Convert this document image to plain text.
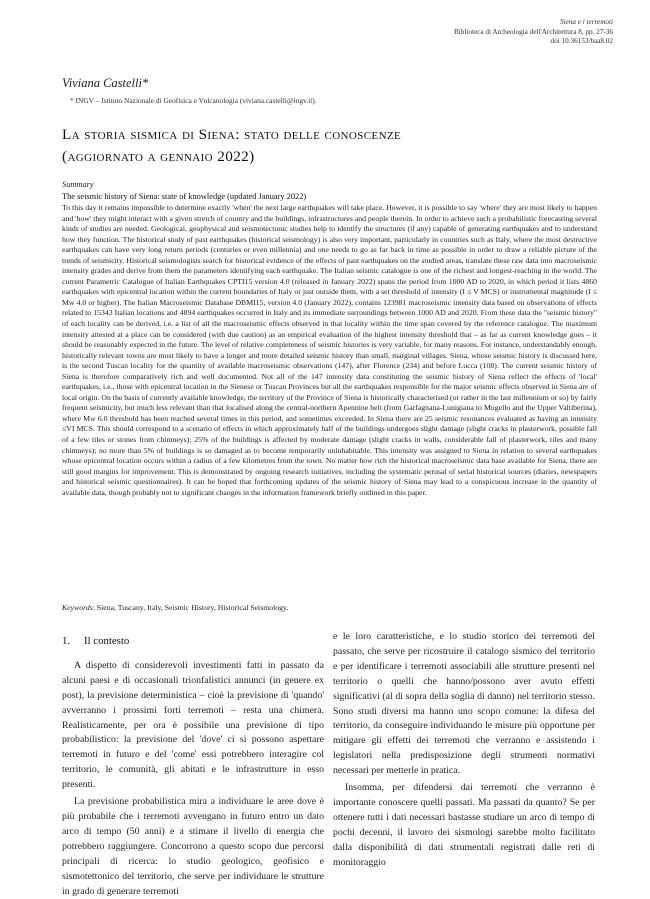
Siena e i terremoti
Biblioteca di Archeologia dell'Architettura 8, pp. 27-36
doi 10.36153/baa8.02
Viviana Castelli*
* INGV – Istituto Nazionale di Geofisica e Vulcanologia (viviana.castelli@ingv.it).
La storia sismica di Siena: stato delle conoscenze
(aggiornato a gennaio 2022)
Summary
The seismic history of Siena: state of knowledge (updated January 2022)

To this day it remains impossible to determine exactly 'when' the next large earthquakes will take place. However, it is possible to say 'where' they are most likely to happen and 'how' they might interact with a given stretch of country and the buildings, infrastructures and people therein. In order to achieve such a probabilistic forecasting several kinds of studies are needed. Geological, geophysical and seismotectonic studies help to identify the structures (if any) capable of generating earthquakes and to understand how they function. The historical study of past earthquakes (historical seismology) is also very important, particularly in countries such as Italy, where the most destructive earthquakes can have very long return periods (centuries or even millennia) and one needs to go as far back in time as possible in order to draw a reliable picture of the trends of seismicity. Historical seismologists search for historical evidence of the effects of past earthquakes on the studied areas, translate these raw data into macroseismic intensity grades and derive from them the parameters identifying each earthquake. The Italian seismic catalogue is one of the richest and longest-reaching in the world. The current Parametric Catalogue of Italian Earthquakes CPTI15 version 4.0 (released in January 2022) spans the period from 1000 AD to 2020, in which period it lists 4860 earthquakes with epicentral location within the current boundaries of Italy or just outside them, with a set threshold of intensity (I ≤ V MCS) or instrumental magnitude (I ≤ Mw 4.0 or higher). The Italian Macroseismic Database DBMI15, version 4.0 (January 2022), contains 123981 macroseismic intensity data based on observations of effects related to 15343 Italian locations and 4894 earthquakes occurred in Italy and its immediate surroundings between 1000 AD and 2020. From these data the "seismic history" of each locality can be derived, i.e. a list of all the macroseismic effects observed in that locality within the time span covered by the reference catalogue. The maximum intensity attested at a place can be considered (with due caution) as an empirical evaluation of the highest intensity threshold that – as far as current knowledge goes – it should be reasonably expected in the future. The level of relative completeness of seismic histories is very variable, for many reasons. For instance, understandably enough, historically relevant towns are most likely to have a longer and more detailed seismic history than small, marginal villages. Siena, whose seismic history is discussed here, is the second Tuscan locality for the quantity of available macroseismic observations (147), after Florence (234) and before Lucca (108). The current seismic history of Siena is therefore comparatively rich and well documented. Not all of the 147 intensity data constituting the seismic history of Siena reflect the effects of 'local' earthquakes, i.e., those with epicentral location in the Sienese or Tuscan Provinces but all the earthquakes responsible for the major seismic effects observed in Siena are of local origin. On the basis of currently available knowledge, the territory of the Province of Siena is historically characterised (or rather in the last millennium or so) by fairly frequent seismicity, but much less relevant than that localised along the central-northern Apennine belt (from Garfagnana-Lunigiana to Mugello and the Upper Valtiberina), where Mw 6.0 threshold has been reached several times in this period, and sometimes exceeded. In Siena there are 25 seismic resonances evaluated as having an intensity ≤VI MCS. This should correspond to a scenario of effects in which approximately half of the buildings undergoes slight damage (slight cracks in plasterwork, possible fall of a few tiles or stones from chimneys); 25% of the buildings is affected by moderate damage (slight cracks in walls, considerable fall of plasterwork, tiles and many chimneys); no more than 5% of buildings is so damaged as to become temporarily uninhabitable. This intensity was assigned to Siena in relation to several earthquakes whose epicentral location occurs within a radius of a few kilometres from the town. No matter how rich the historical macroseismic data base available for Siena, there are still good margins for improvement. This is demonstrated by ongoing research initiatives, including the systematic perusal of serial historical sources (diaries, newspapers and historical seismic questionnaires). It can be hoped that forthcoming updates of the seismic history of Siena may lead to a conspicuous increase in the quantity of available data, though probably not to significant changes in the information framework briefly outlined in this paper.

Keywords: Siena, Tuscany, Italy, Seismic History, Historical Seismology.
1. Il contesto

A dispetto di considerevoli investimenti fatti in passato da alcuni paesi e di occasionali trionfalistici annunci (in genere ex post), la previsione deterministica – cioè la previsione di 'quando' avverranno i prossimi forti terremoti – resta una chimera. Realisticamente, per ora è possibile una previsione di tipo probabilistico: la previsione del 'dove' ci si possono aspettare terremoti in futuro e del 'come' essi potrebbero interagire col territorio, le comunità, gli abitati e le infrastrutture in esso presenti.

La previsione probabilistica mira a individuare le aree dove è più probabile che i terremoti avvengano in futuro entro un dato arco di tempo (50 anni) e a stimare il livello di energia che potrebbero raggiungere. Concorrono a questo scopo due percorsi principali di ricerca: lo studio geologico, geofisico e sismotettonico del territorio, che serve per individuare le strutture in grado di generare terremoti

e le loro caratteristiche, e lo studio storico dei terremoti del passato, che serve per ricostruire il catalogo sismico del territorio e per identificare i terremoti associabili alle strutture presenti nel territorio o quelli che hanno/possono aver avuto effetti significativi (al di sopra della soglia di danno) nel territorio stesso. Sono studi diversi ma hanno uno scopo comune: la difesa del territorio, da conseguire individuando le misure più opportune per mitigare gli effetti dei terremoti che verranno e assistendo i legislatori nella predisposizione degli strumenti normativi necessari per metterle in pratica.

Insomma, per difendersi dai terremoti che verranno è importante conoscere quelli passati. Ma passati da quanto? Se per ottenere tutti i dati necessari bastasse studiare un arco di tempo di pochi decenni, il lavoro dei sismologi sarebbe molto facilitato dalla disponibilità di dati strumentali registrati dalle reti di monitoraggio
